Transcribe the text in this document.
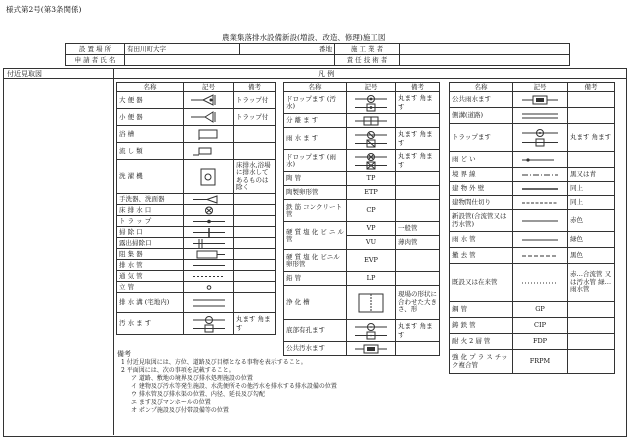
様式第2号(第3条関係)
農業集落排水設備新設(増設、改造、修理)施工図
設 置 場 所	有田川町大字	番地	施 工 業 者	
申 請 者 氏 名			責 任 技 術 者	
付近見取図	凡 例
名称	記号	備考
大 便 器		トラップ付
小 便 器		トラップ付
浴 槽	

流 し 類	

洗 濯 機		床排水,浴場に排水してあるものは除く
手洗器、洗面器	

床 排 水 口	

ト ラ ッ プ	

掃 除 口	

露出掃除口	

阻 集 器	

排 水 管	

通 気 管	

立 管	

排 水 溝 (宅地内)	

汚 水 ま す		丸ます 角ます
名称	記号	備考
ドロップます (汚水)		丸ます 角ます
分 離 ま す	

雨 水 ま す		丸ます 角ます
ドロップます (雨水)		丸ます 角ます
陶 管	TP	
陶製卵形管	ETP	
鉄 筋 コンクリート管	CP	
硬 質 塩 化 ビ ニ ル 管	VP	一般管
	VU	薄肉管
硬 質 塩 化 ビニル卵形管	EVP	
鉛 管	LP	
浄 化 槽		現場の形状に合わせた大きさ、形
底部有孔ます		丸ます 角ます
公共汚水ます	

名称	記号	備考
公共雨水ます	

側溝(道路)	

トラップます		丸ます 角ます
雨 ど い	

境 界 線		黒又は青
建 物 外 壁		同上
建物間仕切り		同上
新設管(合流管又は汚水管)		赤色
雨 水 管		緑色
撤 去 管		黒色
既設又は在来管		赤…合流管 又は汚水管 緑…雨水管
鋼 管	GP	
鋳 鉄 管	CIP	
耐 火 2 層 管	FDP	
強 化 プ ラ ス チック複合管	FRPM	
備考
1 付近見取図には、方位、道路及び目標となる事物を表示すること。
2 平面図には、次の事項を記載すること。
ア 道路、敷地の境界及び排水処理施設の位置
イ 建物及び汚水等発生施設、水洗便所その他汚水を排水する排水設備の位置
ウ 排水管及び排水渠の位置、内径、延長及び勾配
エ ます及びマンホールの位置
オ ポンプ施設及び付帯設備等の位置
